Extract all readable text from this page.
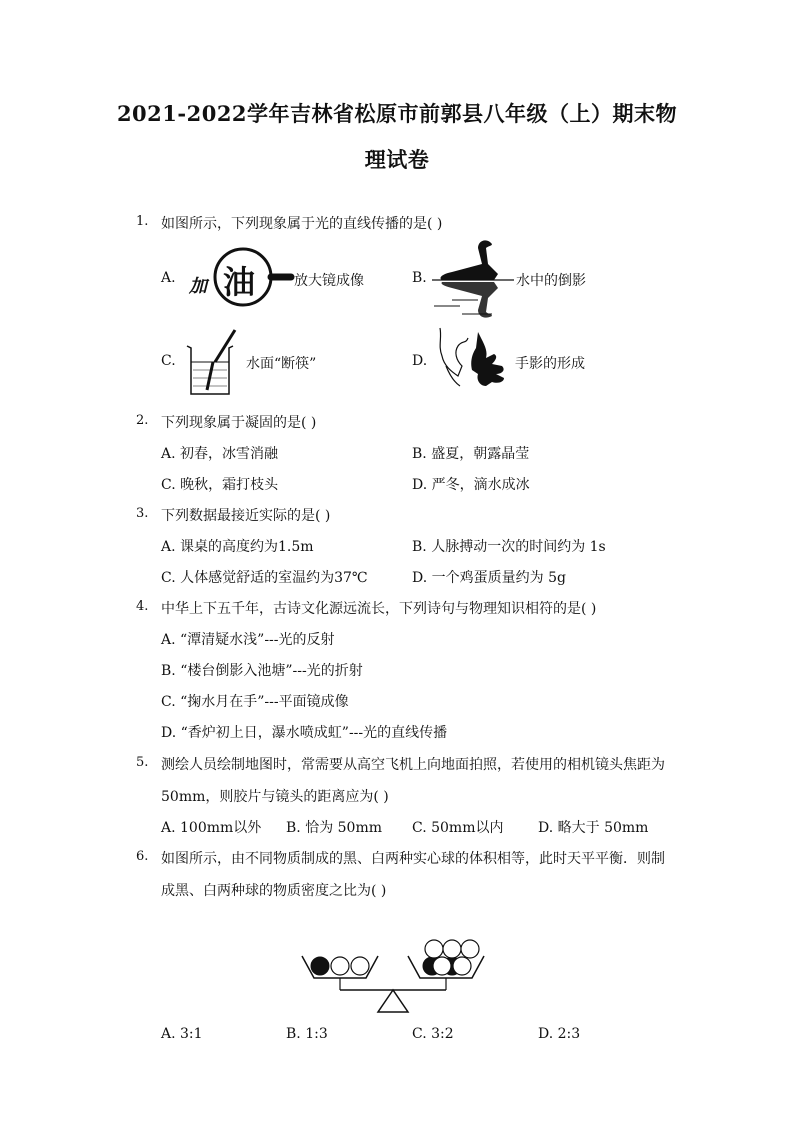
2021-2022学年吉林省松原市前郭县八年级（上）期末物
理试卷
1. 如图所示，下列现象属于光的直线传播的是( )
A. 加 油	放大镜成像	B.	水中的倒影
C.	水面“断筷”	D.	手影的形成
2. 下列现象属于凝固的是( )
A. 初春，冰雪消融	B. 盛夏，朝露晶莹
C. 晚秋，霜打枝头	D. 严冬，滴水成冰
3. 下列数据最接近实际的是( )
A. 课桌的高度约为1.5m	B. 人脉搏动一次的时间约为 1s
C. 人体感觉舒适的室温约为37℃	D. 一个鸡蛋质量约为 5g
4. 中华上下五千年，古诗文化源远流长，下列诗句与物理知识相符的是( )
A. “潭清疑水浅”---光的反射
B. “楼台倒影入池塘”---光的折射
C. “掬水月在手”---平面镜成像
D. “香炉初上日，瀑水喷成虹”---光的直线传播
5. 测绘人员绘制地图时，常需要从高空飞机上向地面拍照，若使用的相机镜头焦距为
50mm，则胶片与镜头的距离应为( )
A. 100mm以外 B. 恰为 50mm C. 50mm以内 D. 略大于 50mm
6. 如图所示，由不同物质制成的黑、白两种实心球的体积相等，此时天平平衡．则制
成黑、白两种球的物质密度之比为( )
A. 3:1	B. 1:3	C. 3:2	D. 2:3
